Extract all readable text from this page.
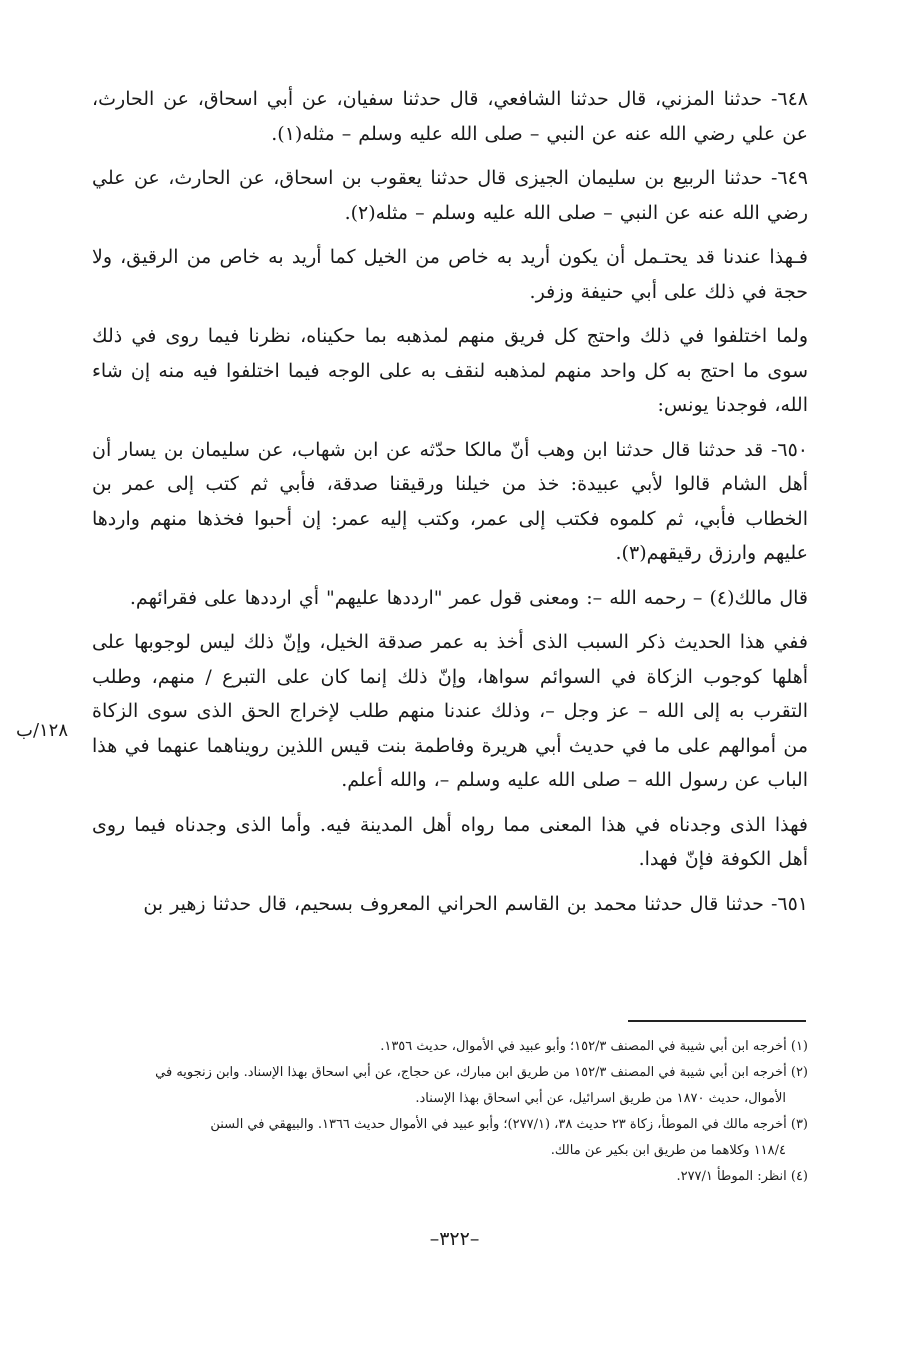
٦٤٨- حدثنا المزني، قال حدثنا الشافعي، قال حدثنا سفيان، عن أبي اسحاق، عن الحارث، عن علي رضي الله عنه عن النبي – صلى الله عليه وسلم – مثله(١).

٦٤٩- حدثنا الربيع بن سليمان الجيزى قال حدثنا يعقوب بن اسحاق، عن الحارث، عن علي رضي الله عنه عن النبي – صلى الله عليه وسلم – مثله(٢).

فـهذا عندنا قد يحتـمل أن يكون أريد به خاص من الخيل كما أريد به خاص من الرقيق، ولا حجة في ذلك على أبي حنيفة وزفر.

ولما اختلفوا في ذلك واحتج كل فريق منهم لمذهبه بما حكيناه، نظرنا فيما روى في ذلك سوى ما احتج به كل واحد منهم لمذهبه لنقف به على الوجه فيما اختلفوا فيه منه إن شاء الله، فوجدنا يونس:

٦٥٠- قد حدثنا قال حدثنا ابن وهب أنّ مالكا حدّثه عن ابن شهاب، عن سليمان بن يسار أن أهل الشام قالوا لأبي عبيدة: خذ من خيلنا ورقيقنا صدقة، فأبي ثم كتب إلى عمر بن الخطاب فأبي، ثم كلموه فكتب إلى عمر، وكتب إليه عمر: إن أحبوا فخذها منهم واردها عليهم وارزق رقيقهم(٣).

قال مالك(٤) – رحمه الله –: ومعنى قول عمر "ارددها عليهم" أي ارددها على فقرائهم.

ففي هذا الحديث ذكر السبب الذى أخذ به عمر صدقة الخيل، وإنّ ذلك ليس لوجوبها على أهلها كوجوب الزكاة في السوائم سواها، وإنّ ذلك إنما كان على التبرع / منهم، وطلب التقرب به إلى الله – عز وجل –، وذلك عندنا منهم طلب لإخراج الحق الذى سوى الزكاة من أموالهم على ما في حديث أبي هريرة وفاطمة بنت قيس اللذين رويناهما عنهما في هذا الباب عن رسول الله – صلى الله عليه وسلم –، والله أعلم.

فهذا الذى وجدناه في هذا المعنى مما رواه أهل المدينة فيه. وأما الذى وجدناه فيما روى أهل الكوفة فإنّ فهدا.

٦٥١- حدثنا قال حدثنا محمد بن القاسم الحراني المعروف بسحيم، قال حدثنا زهير بن

١٢٨/ب

(١) أخرجه ابن أبي شيبة في المصنف ١٥٢/٣؛ وأبو عبيد في الأموال، حديث ١٣٥٦.

(٢) أخرجه ابن أبي شيبة في المصنف ١٥٢/٣ من طريق ابن مبارك، عن حجاج، عن أبي اسحاق بهذا الإسناد. وابن زنجويه في

الأموال، حديث ١٨٧٠ من طريق اسرائيل، عن أبي اسحاق بهذا الإسناد.

(٣) أخرجه مالك في الموطأ، زكاة ٢٣ حديث ٣٨، (٢٧٧/١)؛ وأبو عبيد في الأموال حديث ١٣٦٦. والبيهقي في السنن

١١٨/٤ وكلاهما من طريق ابن بكير عن مالك.

(٤) انظر: الموطأ ٢٧٧/١.

–٣٢٢–
